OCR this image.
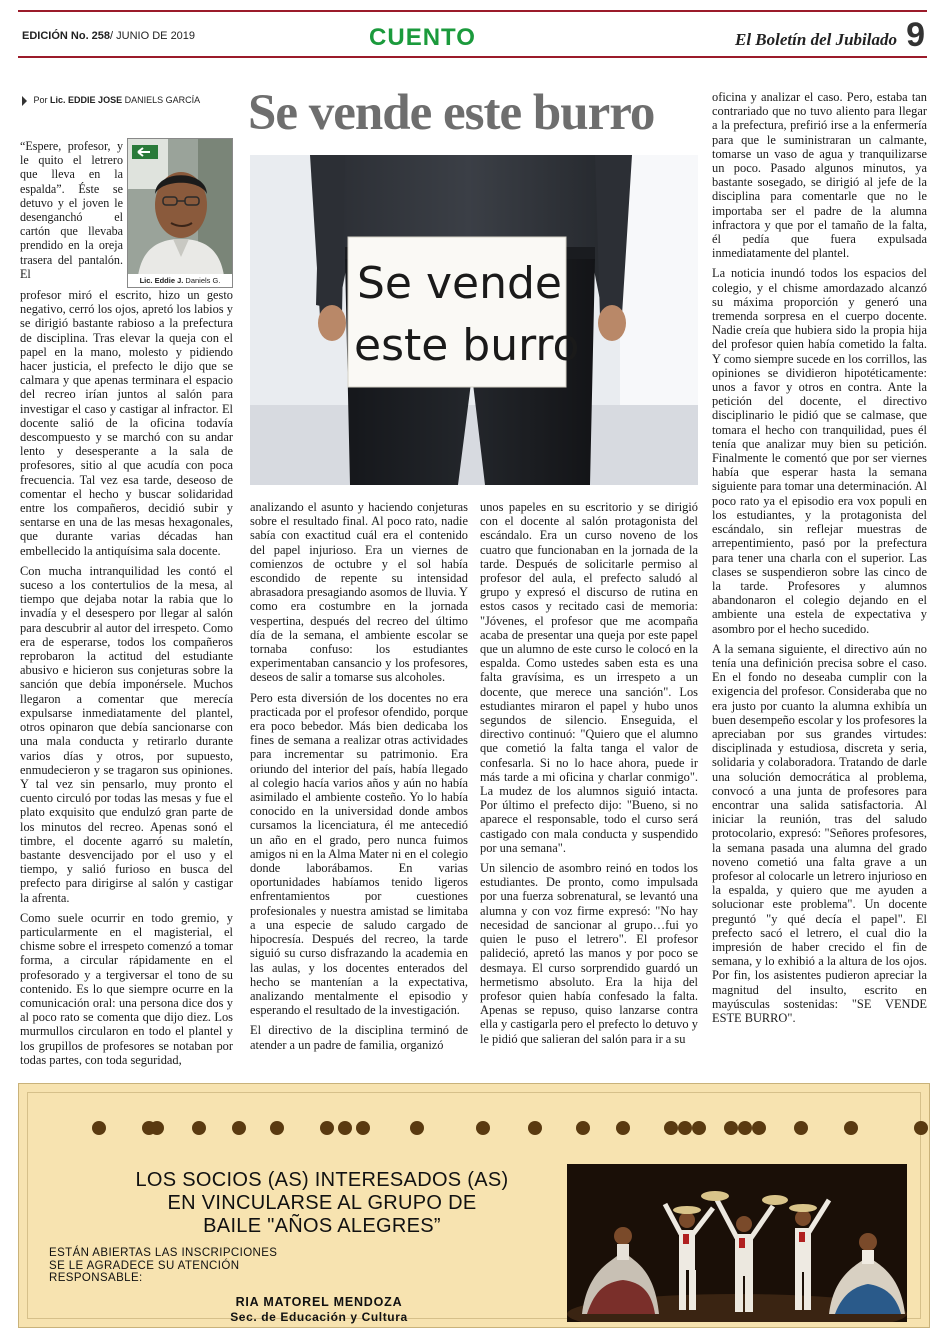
EDICIÓN No. 258/ JUNIO DE 2019	CUENTO	El Boletín del Jubilado 9
Por Lic. EDDIE JOSE DANIELS GARCÍA Se vende este burro
Se vende
este burro
Lic. Eddie J. Daniels G.

“Espere, profesor, y le quito el letrero que lleva en la espalda”. Éste se detuvo y el joven le desenganchó el cartón que llevaba prendido en la oreja trasera del pantalón. El

profesor miró el escrito, hizo un gesto negativo, cerró los ojos, apretó los labios y se dirigió bastante rabioso a la prefectura de disciplina. Tras elevar la queja con el papel en la mano, molesto y pidiendo hacer justicia, el prefecto le dijo que se calmara y que apenas terminara el espacio del recreo irían juntos al salón para investigar el caso y castigar al infractor. El docente salió de la oficina todavía descompuesto y se marchó con su andar lento y desesperante a la sala de profesores, sitio al que acudía con poca frecuencia. Tal vez esa tarde, deseoso de comentar el hecho y buscar solidaridad entre los compañeros, decidió subir y sentarse en una de las mesas hexagonales, que durante varias décadas han embellecido la antiquísima sala docente.

Con mucha intranquilidad les contó el suceso a los contertulios de la mesa, al tiempo que dejaba notar la rabia que lo invadía y el desespero por llegar al salón para descubrir al autor del irrespeto. Como era de esperarse, todos los compañeros reprobaron la actitud del estudiante abusivo e hicieron sus conjeturas sobre la sanción que debía imponérsele. Muchos llegaron a comentar que merecía expulsarse inmediatamente del plantel, otros opinaron que debía sancionarse con una mala conducta y retirarlo durante varios días y otros, por supuesto, enmudecieron y se tragaron sus opiniones. Y tal vez sin pensarlo, muy pronto el cuento circuló por todas las mesas y fue el plato exquisito que endulzó gran parte de los minutos del recreo. Apenas sonó el timbre, el docente agarró su maletín, bastante desvencijado por el uso y el tiempo, y salió furioso en busca del prefecto para dirigirse al salón y castigar la afrenta.

Como suele ocurrir en todo gremio, y particularmente en el magisterial, el chisme sobre el irrespeto comenzó a tomar forma, a circular rápidamente en el profesorado y a tergiversar el tono de su contenido. Es lo que siempre ocurre en la comunicación oral: una persona dice dos y al poco rato se comenta que dijo diez. Los murmullos circularon en todo el plantel y los grupillos de profesores se notaban por todas partes, con toda seguridad,

analizando el asunto y haciendo conjeturas sobre el resultado final. Al poco rato, nadie sabía con exactitud cuál era el contenido del papel injurioso. Era un viernes de comienzos de octubre y el sol había escondido de repente su intensidad abrasadora presagiando asomos de lluvia. Y como era costumbre en la jornada vespertina, después del recreo del último día de la semana, el ambiente escolar se tornaba confuso: los estudiantes experimentaban cansancio y los profesores, deseos de salir a tomarse sus alcoholes.

Pero esta diversión de los docentes no era practicada por el profesor ofendido, porque era poco bebedor. Más bien dedicaba los fines de semana a realizar otras actividades para incrementar su patrimonio. Era oriundo del interior del país, había llegado al colegio hacía varios años y aún no había asimilado el ambiente costeño. Yo lo había conocido en la universidad donde ambos cursamos la licenciatura, él me antecedió un año en el grado, pero nunca fuimos amigos ni en la Alma Mater ni en el colegio donde laborábamos. En varias oportunidades habíamos tenido ligeros enfrentamientos por cuestiones profesionales y nuestra amistad se limitaba a una especie de saludo cargado de hipocresía. Después del recreo, la tarde siguió su curso disfrazando la academia en las aulas, y los docentes enterados del hecho se mantenían a la expectativa, analizando mentalmente el episodio y esperando el resultado de la investigación.

El directivo de la disciplina terminó de atender a un padre de familia, organizó

unos papeles en su escritorio y se dirigió con el docente al salón protagonista del escándalo. Era un curso noveno de los cuatro que funcionaban en la jornada de la tarde. Después de solicitarle permiso al profesor del aula, el prefecto saludó al grupo y expresó el discurso de rutina en estos casos y recitado casi de memoria: "Jóvenes, el profesor que me acompaña acaba de presentar una queja por este papel que un alumno de este curso le colocó en la espalda. Como ustedes saben esta es una falta gravísima, es un irrespeto a un docente, que merece una sanción". Los estudiantes miraron el papel y hubo unos segundos de silencio. Enseguida, el directivo continuó: "Quiero que el alumno que cometió la falta tanga el valor de confesarla. Si no lo hace ahora, puede ir más tarde a mi oficina y charlar conmigo". La mudez de los alumnos siguió intacta. Por último el prefecto dijo: "Bueno, si no aparece el responsable, todo el curso será castigado con mala conducta y suspendido por una semana".

Un silencio de asombro reinó en todos los estudiantes. De pronto, como impulsada por una fuerza sobrenatural, se levantó una alumna y con voz firme expresó: "No hay necesidad de sancionar al grupo…fui yo quien le puso el letrero". El profesor palideció, apretó las manos y por poco se desmaya. El curso sorprendido guardó un hermetismo absoluto. Era la hija del profesor quien había confesado la falta. Apenas se repuso, quiso lanzarse contra ella y castigarla pero el prefecto lo detuvo y le pidió que salieran del salón para ir a su

oficina y analizar el caso. Pero, estaba tan contrariado que no tuvo aliento para llegar a la prefectura, prefirió irse a la enfermería para que le suministraran un calmante, tomarse un vaso de agua y tranquilizarse un poco. Pasado algunos minutos, ya bastante sosegado, se dirigió al jefe de la disciplina para comentarle que no le importaba ser el padre de la alumna infractora y que por el tamaño de la falta, él pedía que fuera expulsada inmediatamente del plantel.

La noticia inundó todos los espacios del colegio, y el chisme amordazado alcanzó su máxima proporción y generó una tremenda sorpresa en el cuerpo docente. Nadie creía que hubiera sido la propia hija del profesor quien había cometido la falta. Y como siempre sucede en los corrillos, las opiniones se dividieron hipotéticamente: unos a favor y otros en contra. Ante la petición del docente, el directivo disciplinario le pidió que se calmase, que tomara el hecho con tranquilidad, pues él tenía que analizar muy bien su petición. Finalmente le comentó que por ser viernes había que esperar hasta la semana siguiente para tomar una determinación. Al poco rato ya el episodio era vox populi en los estudiantes, y la protagonista del escándalo, sin reflejar muestras de arrepentimiento, pasó por la prefectura para tener una charla con el superior. Las clases se suspendieron sobre las cinco de la tarde. Profesores y alumnos abandonaron el colegio dejando en el ambiente una estela de expectativa y asombro por el hecho sucedido.

A la semana siguiente, el directivo aún no tenía una definición precisa sobre el caso. En el fondo no deseaba cumplir con la exigencia del profesor. Consideraba que no era justo por cuanto la alumna exhibía un buen desempeño escolar y los profesores la apreciaban por sus grandes virtudes: disciplinada y estudiosa, discreta y seria, solidaria y colaboradora. Tratando de darle una solución democrática al problema, convocó a una junta de profesores para encontrar una salida satisfactoria. Al iniciar la reunión, tras del saludo protocolario, expresó: "Señores profesores, la semana pasada una alumna del grado noveno cometió una falta grave a un profesor al colocarle un letrero injurioso en la espalda, y quiero que me ayuden a solucionar este problema". Un docente preguntó "y qué decía el papel". El prefecto sacó el letrero, el cual dio la impresión de haber crecido el fin de semana, y lo exhibió a la altura de los ojos. Por fin, los asistentes pudieron apreciar la magnitud del insulto, escrito en mayúsculas sostenidas: "SE VENDE ESTE BURRO".

LOS SOCIOS (AS) INTERESADOS (AS)
EN VINCULARSE AL GRUPO DE
BAILE "AÑOS ALEGRES”
ESTÁN ABIERTAS LAS INSCRIPCIONES
SE LE AGRADECE SU ATENCIÓN
RESPONSABLE:
RIA MATOREL MENDOZA
Sec. de Educación y Cultura
